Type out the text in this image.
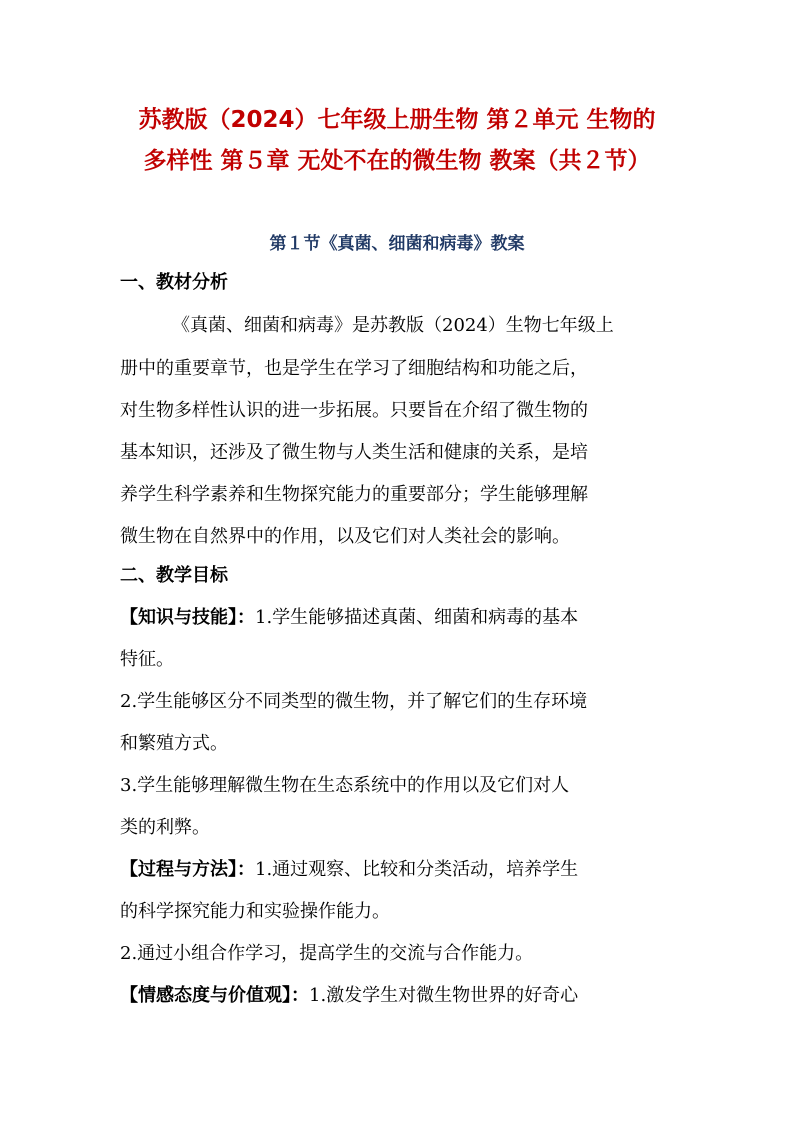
苏教版（2024）七年级上册生物 第２单元 生物的
多样性 第５章 无处不在的微生物 教案（共２节）
第１节《真菌、细菌和病毒》教案
一、教材分析
《真菌、细菌和病毒》是苏教版（2024）生物七年级上
册中的重要章节，也是学生在学习了细胞结构和功能之后，
对生物多样性认识的进一步拓展。只要旨在介绍了微生物的
基本知识，还涉及了微生物与人类生活和健康的关系，是培
养学生科学素养和生物探究能力的重要部分；学生能够理解
微生物在自然界中的作用，以及它们对人类社会的影响。
二、教学目标
【知识与技能】：1.学生能够描述真菌、细菌和病毒的基本
特征。
2.学生能够区分不同类型的微生物，并了解它们的生存环境
和繁殖方式。
3.学生能够理解微生物在生态系统中的作用以及它们对人
类的利弊。
【过程与方法】：1.通过观察、比较和分类活动，培养学生
的科学探究能力和实验操作能力。
2.通过小组合作学习，提高学生的交流与合作能力。
【情感态度与价值观】：1.激发学生对微生物世界的好奇心
